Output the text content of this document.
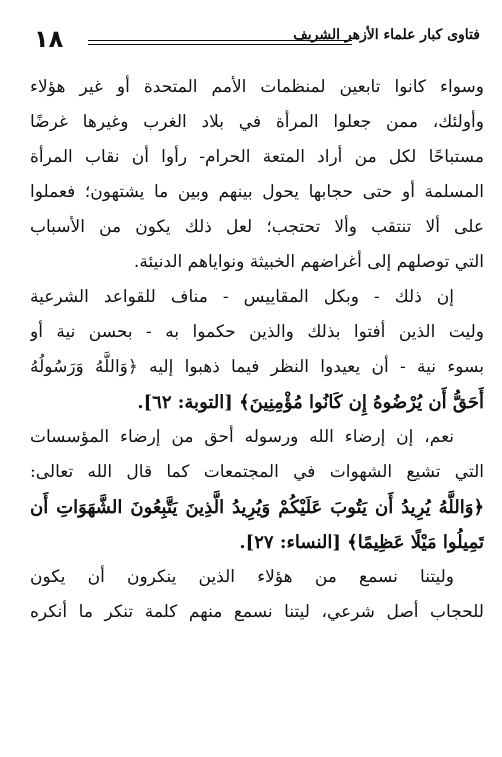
فتاوى كبار علماء الأزهر الشريف
١٨
وسواء كانوا تابعين لمنظمات الأمم المتحدة أو غير هؤلاء
وأولئك، ممن جعلوا المرأة في بلاد الغرب وغيرها غرضًا
مستباحًا لكل من أراد المتعة الحرام- رأوا أن نقاب المرأة
المسلمة أو حتى حجابها يحول بينهم وبين ما يشتهون؛ فعملوا
على ألا تنتقب وألا تحتجب؛ لعل ذلك يكون من الأسباب
التي توصلهم إلى أغراضهم الخبيثة ونواياهم الدنيئة.
إن ذلك - وبكل المقاييس - مناف للقواعد الشرعية
وليت الذين أفتوا بذلك والذين حكموا به - بحسن نية أو
بسوء نية - أن يعيدوا النظر فيما ذهبوا إليه ﴿وَاللَّهُ وَرَسُولُهُ
أَحَقُّ أَن يُرْضُوهُ إِن كَانُوا مُؤْمِنِينَ﴾ [التوبة: ٦٢].
نعم، إن إرضاء الله ورسوله أحق من إرضاء المؤسسات
التي تشيع الشهوات في المجتمعات كما قال الله تعالى:
﴿وَاللَّهُ يُرِيدُ أَن يَتُوبَ عَلَيْكُمْ وَيُرِيدُ الَّذِينَ يَتَّبِعُونَ الشَّهَوَاتِ أَن
تَمِيلُوا مَيْلًا عَظِيمًا﴾ [النساء: ٢٧].
وليتنا نسمع من هؤلاء الذين ينكرون أن يكون
للحجاب أصل شرعي، ليتنا نسمع منهم كلمة تنكر ما أنكره
